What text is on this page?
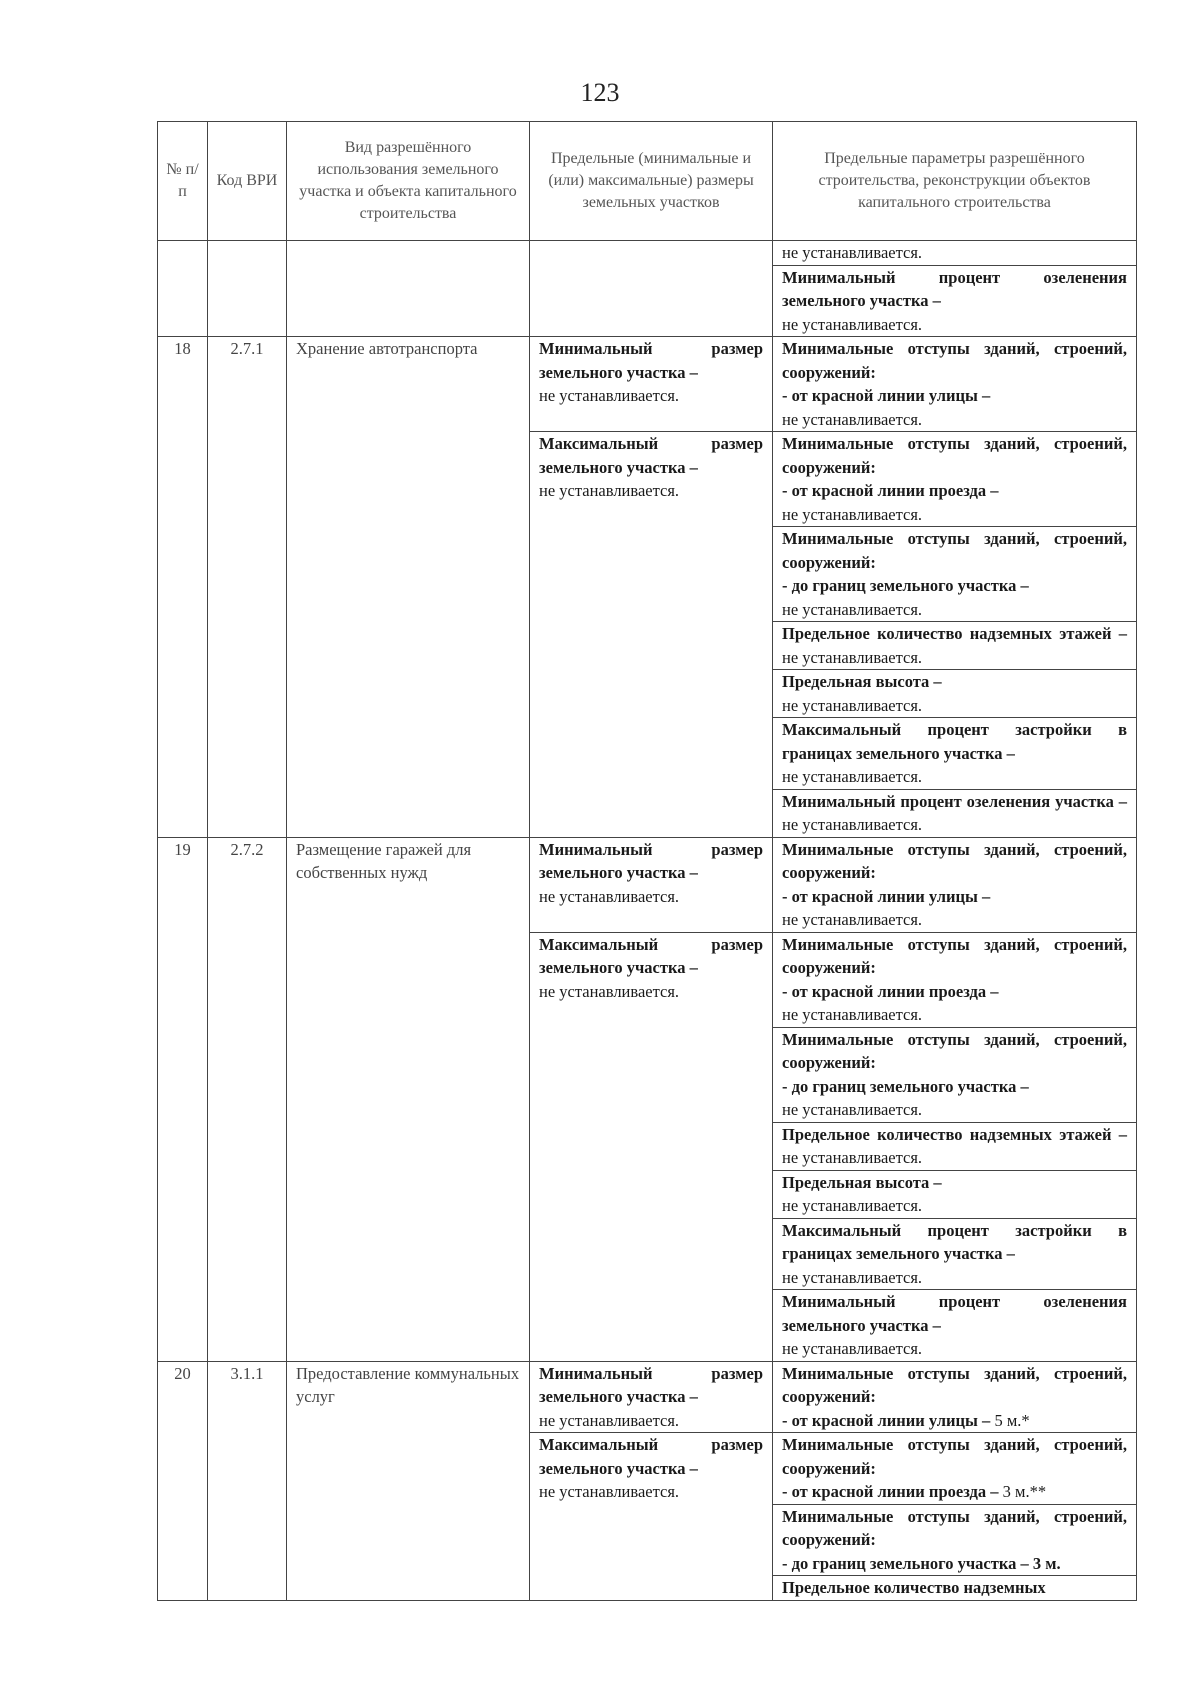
123
№ п/п	Код ВРИ	Вид разрешённого использования земельного участка и объекта капитального строительства	Предельные (минимальные и (или) максимальные) размеры земельных участков	Предельные параметры разрешённого строительства, реконструкции объектов капитального строительства
				не устанавливается.
				Минимальный процент озеленения земельного участка –
не устанавливается.
18	2.7.1	Хранение автотранспорта	Минимальный размер земельного участка –
не устанавливается.	Минимальные отступы зданий, строений, сооружений:
- от красной линии улицы –
не устанавливается.
			Максимальный размер земельного участка –
не устанавливается.	Минимальные отступы зданий, строений, сооружений:
- от красной линии проезда –
не устанавливается.
				Минимальные отступы зданий, строений, сооружений:
- до границ земельного участка –
не устанавливается.
				Предельное количество надземных этажей – не устанавливается.
				Предельная высота –
не устанавливается.
				Максимальный процент застройки в границах земельного участка –
не устанавливается.
				Минимальный процент озеленения участка – не устанавливается.
19	2.7.2	Размещение гаражей для собственных нужд	Минимальный размер земельного участка –
не устанавливается.	Минимальные отступы зданий, строений, сооружений:
- от красной линии улицы –
не устанавливается.
			Максимальный размер земельного участка –
не устанавливается.	Минимальные отступы зданий, строений, сооружений:
- от красной линии проезда –
не устанавливается.
				Минимальные отступы зданий, строений, сооружений:
- до границ земельного участка –
не устанавливается.
				Предельное количество надземных этажей – не устанавливается.
				Предельная высота –
не устанавливается.
				Максимальный процент застройки в границах земельного участка –
не устанавливается.
				Минимальный процент озеленения земельного участка –
не устанавливается.
20	3.1.1	Предоставление коммунальных услуг	Минимальный размер земельного участка –
не устанавливается.	Минимальные отступы зданий, строений, сооружений:
- от красной линии улицы – 5 м.*
			Максимальный размер земельного участка –
не устанавливается.	Минимальные отступы зданий, строений, сооружений:
- от красной линии проезда – 3 м.**
				Минимальные отступы зданий, строений, сооружений:
- до границ земельного участка – 3 м.
				Предельное количество надземных
